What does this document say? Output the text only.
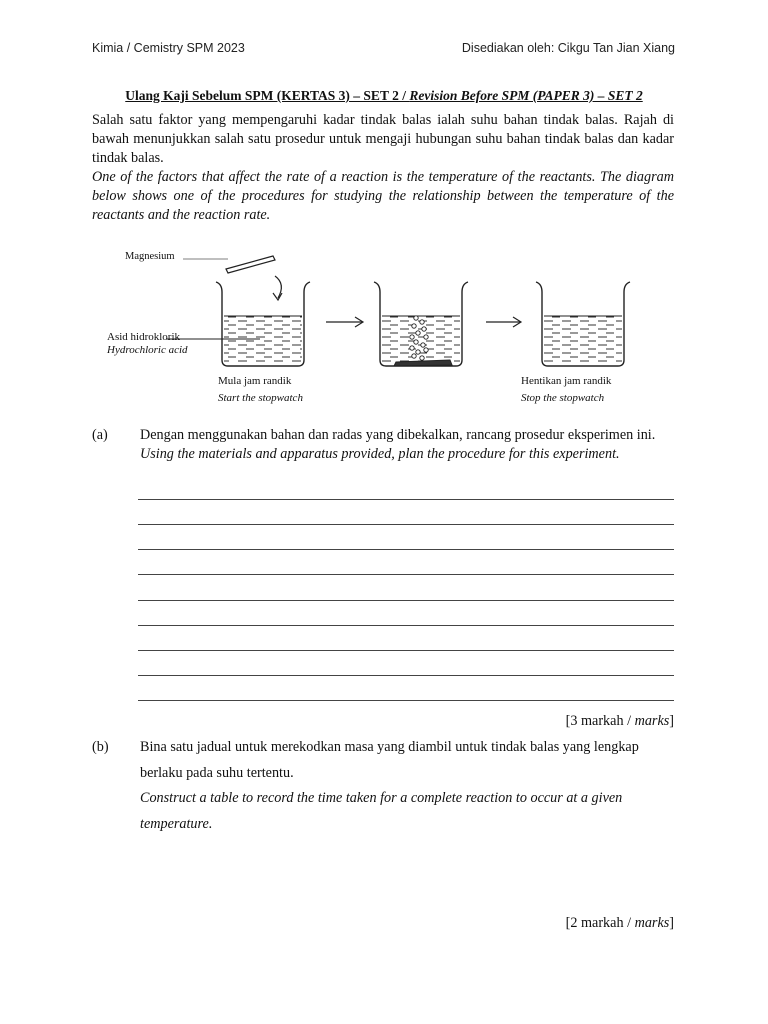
Kimia / Cemistry SPM 2023	Disediakan oleh: Cikgu Tan Jian Xiang
Ulang Kaji Sebelum SPM (KERTAS 3) – SET 2 / Revision Before SPM (PAPER 3) – SET 2
Salah satu faktor yang mempengaruhi kadar tindak balas ialah suhu bahan tindak balas. Rajah di bawah menunjukkan salah satu prosedur untuk mengaji hubungan suhu bahan tindak balas dan kadar tindak balas.
One of the factors that affect the rate of a reaction is the temperature of the reactants. The diagram below shows one of the procedures for studying the relationship between the temperature of the reactants and the reaction rate.
Magnesium
Asid hidroklorik
Hydrochloric acid
Mula jam randik
Start the stopwatch
Hentikan jam randik
Stop the stopwatch
(a) Dengan menggunakan bahan dan radas yang dibekalkan, rancang prosedur eksperimen ini.
Using the materials and apparatus provided, plan the procedure for this experiment.
[3 markah / marks]
(b) Bina satu jadual untuk merekodkan masa yang diambil untuk tindak balas yang lengkap berlaku pada suhu tertentu.
Construct a table to record the time taken for a complete reaction to occur at a given temperature.
[2 markah / marks]
